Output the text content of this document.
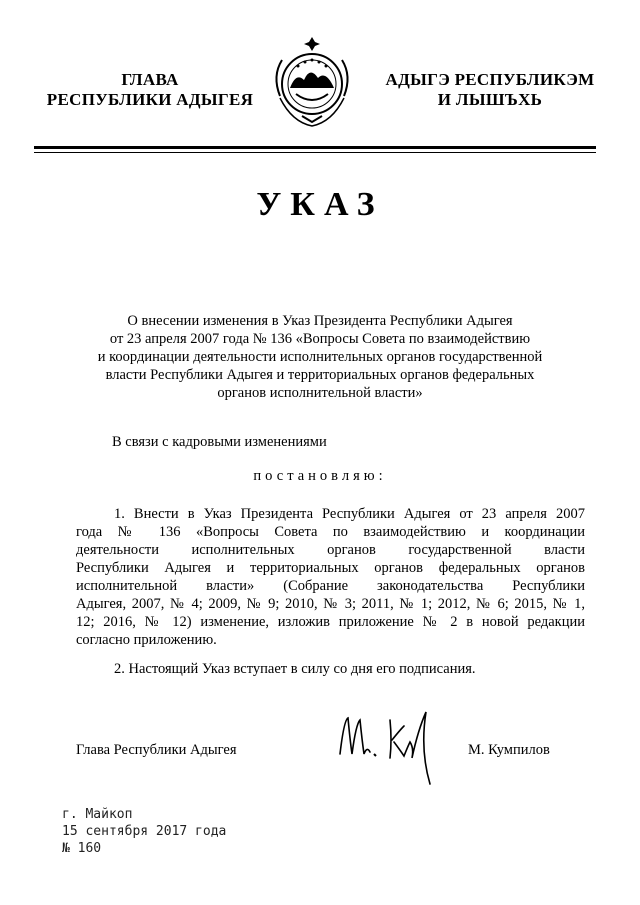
ГЛАВА
РЕСПУБЛИКИ АДЫГЕЯ
АДЫГЭ РЕСПУБЛИКЭМ
И ЛЫШЪХЬ
УКАЗ
О внесении изменения в Указ Президента Республики Адыгея
от 23 апреля 2007 года № 136 «Вопросы Совета по взаимодействию
и координации деятельности исполнительных органов государственной
власти Республики Адыгея и территориальных органов федеральных
органов исполнительной власти»
В связи с кадровыми изменениями
постановляю:
1. Внести в Указ Президента Республики Адыгея от 23 апреля 2007
года № 136 «Вопросы Совета по взаимодействию и координации
деятельности исполнительных органов государственной власти
Республики Адыгея и территориальных органов федеральных органов
исполнительной власти» (Собрание законодательства Республики
Адыгея, 2007, № 4; 2009, № 9; 2010, № 3; 2011, № 1; 2012, № 6; 2015, № 1,
12; 2016, № 12) изменение, изложив приложение № 2 в новой редакции
согласно приложению.
2. Настоящий Указ вступает в силу со дня его подписания.
Глава Республики Адыгея	М. Кумпилов
г. Майкоп
15 сентября 2017 года
№ 160
